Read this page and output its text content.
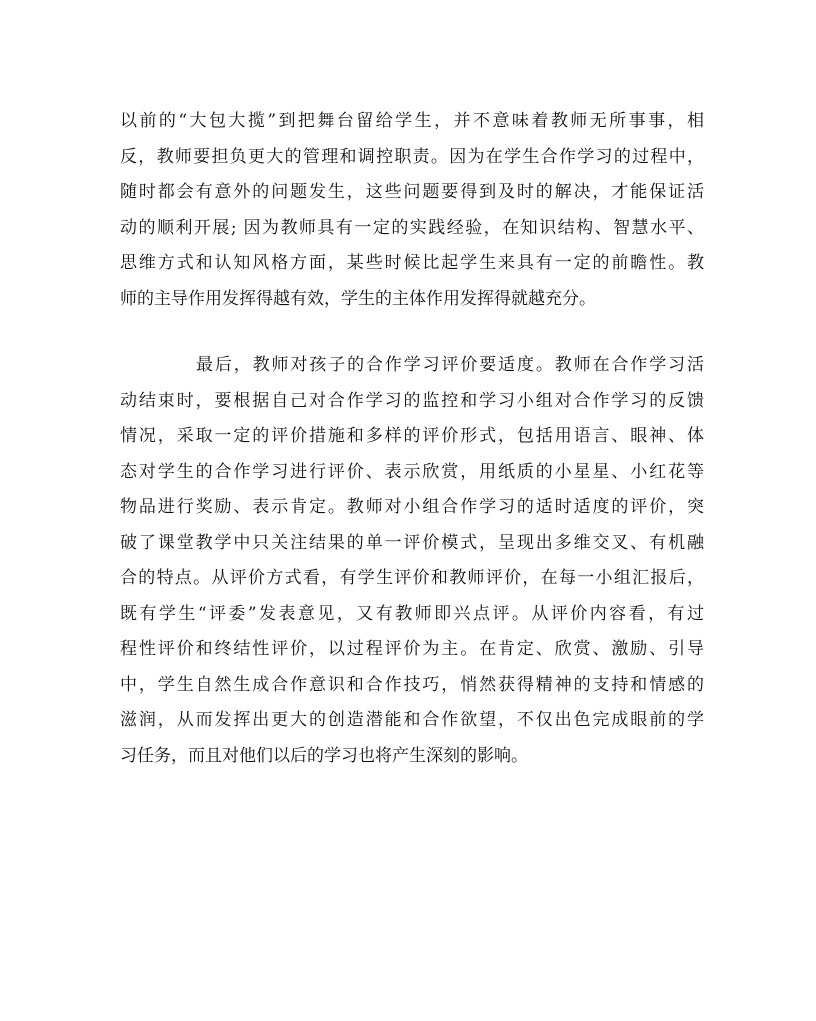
以前的“大包大揽”到把舞台留给学生，并不意味着教师无所事事，相
反，教师要担负更大的管理和调控职责。因为在学生合作学习的过程中，
随时都会有意外的问题发生，这些问题要得到及时的解决，才能保证活
动的顺利开展; 因为教师具有一定的实践经验，在知识结构、智慧水平、
思维方式和认知风格方面，某些时候比起学生来具有一定的前瞻性。教
师的主导作用发挥得越有效，学生的主体作用发挥得就越充分。
最后，教师对孩子的合作学习评价要适度。教师在合作学习活
动结束时，要根据自己对合作学习的监控和学习小组对合作学习的反馈
情况，采取一定的评价措施和多样的评价形式，包括用语言、眼神、体
态对学生的合作学习进行评价、表示欣赏，用纸质的小星星、小红花等
物品进行奖励、表示肯定。教师对小组合作学习的适时适度的评价，突
破了课堂教学中只关注结果的单一评价模式，呈现出多维交叉、有机融
合的特点。从评价方式看，有学生评价和教师评价，在每一小组汇报后，
既有学生“评委”发表意见，又有教师即兴点评。从评价内容看，有过
程性评价和终结性评价，以过程评价为主。在肯定、欣赏、激励、引导
中，学生自然生成合作意识和合作技巧，悄然获得精神的支持和情感的
滋润，从而发挥出更大的创造潜能和合作欲望，不仅出色完成眼前的学
习任务，而且对他们以后的学习也将产生深刻的影响。
